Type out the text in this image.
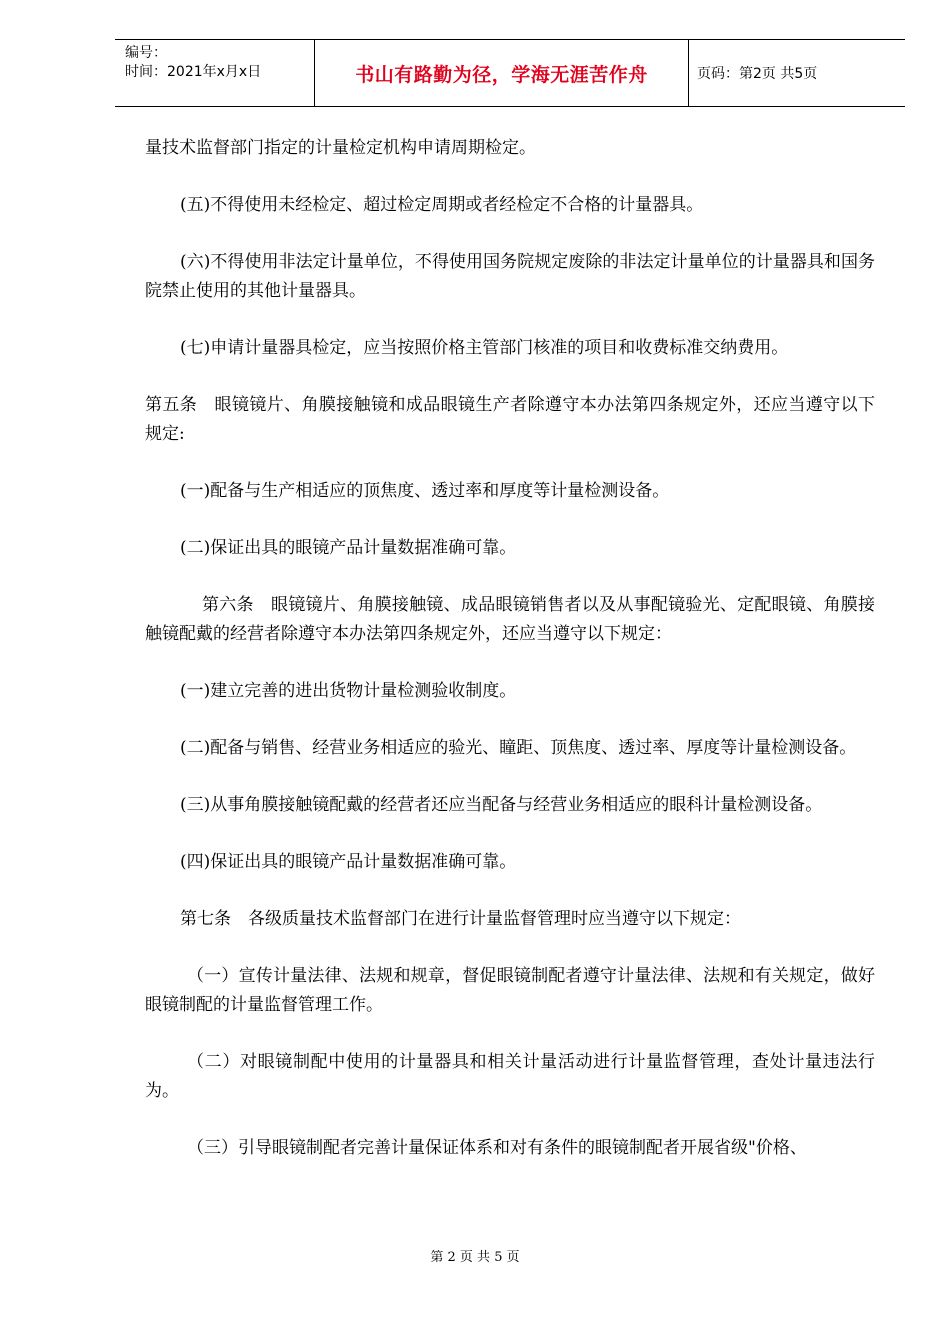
编号：
时间：2021年x月x日	书山有路勤为径，学海无涯苦作舟	页码：第2页 共5页

量技术监督部门指定的计量检定机构申请周期检定。

(五)不得使用未经检定、超过检定周期或者经检定不合格的计量器具。

(六)不得使用非法定计量单位，不得使用国务院规定废除的非法定计量单位的计量器具和国务院禁止使用的其他计量器具。

(七)申请计量器具检定，应当按照价格主管部门核准的项目和收费标准交纳费用。

第五条　眼镜镜片、角膜接触镜和成品眼镜生产者除遵守本办法第四条规定外，还应当遵守以下规定:

(一)配备与生产相适应的顶焦度、透过率和厚度等计量检测设备。

(二)保证出具的眼镜产品计量数据准确可靠。

第六条　眼镜镜片、角膜接触镜、成品眼镜销售者以及从事配镜验光、定配眼镜、角膜接触镜配戴的经营者除遵守本办法第四条规定外，还应当遵守以下规定：

(一)建立完善的进出货物计量检测验收制度。

(二)配备与销售、经营业务相适应的验光、瞳距、顶焦度、透过率、厚度等计量检测设备。

(三)从事角膜接触镜配戴的经营者还应当配备与经营业务相适应的眼科计量检测设备。

(四)保证出具的眼镜产品计量数据准确可靠。

第七条　各级质量技术监督部门在进行计量监督管理时应当遵守以下规定：

（一）宣传计量法律、法规和规章，督促眼镜制配者遵守计量法律、法规和有关规定，做好眼镜制配的计量监督管理工作。

（二）对眼镜制配中使用的计量器具和相关计量活动进行计量监督管理，查处计量违法行为。

（三）引导眼镜制配者完善计量保证体系和对有条件的眼镜制配者开展省级"价格、

第 2 页 共 5 页
